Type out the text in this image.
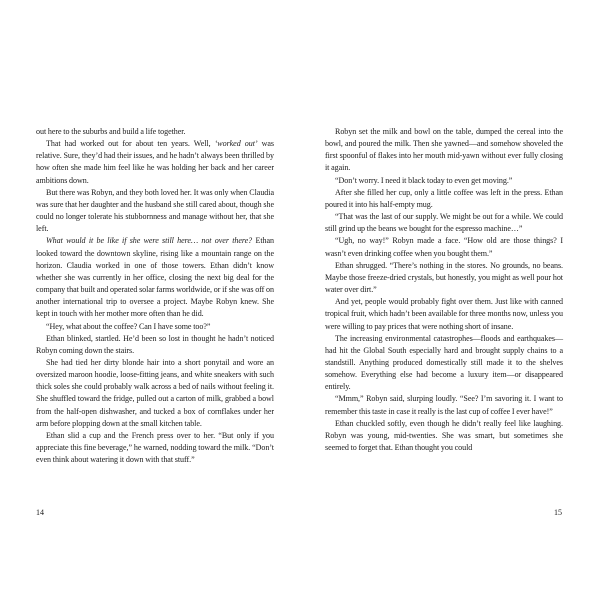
out here to the suburbs and build a life together.

That had worked out for about ten years. Well, ‘worked out’ was relative. Sure, they’d had their issues, and he hadn’t always been thrilled by how often she made him feel like he was holding her back and her career ambitions down.

But there was Robyn, and they both loved her. It was only when Claudia was sure that her daughter and the husband she still cared about, though she could no longer tolerate his stubbornness and manage without her, that she left.

What would it be like if she were still here… not over there? Ethan looked toward the downtown skyline, rising like a mountain range on the horizon. Claudia worked in one of those towers. Ethan didn’t know whether she was currently in her office, closing the next big deal for the company that built and operated solar farms worldwide, or if she was off on another international trip to oversee a project. Maybe Robyn knew. She kept in touch with her mother more often than he did.

“Hey, what about the coffee? Can I have some too?”

Ethan blinked, startled. He’d been so lost in thought he hadn’t noticed Robyn coming down the stairs.

She had tied her dirty blonde hair into a short ponytail and wore an oversized maroon hoodie, loose-fitting jeans, and white sneakers with such thick soles she could probably walk across a bed of nails without feeling it. She shuffled toward the fridge, pulled out a carton of milk, grabbed a bowl from the half-open dishwasher, and tucked a box of cornflakes under her arm before plopping down at the small kitchen table.

Ethan slid a cup and the French press over to her. “But only if you appreciate this fine beverage,” he warned, nodding toward the milk. “Don’t even think about watering it down with that stuff.”

14

Robyn set the milk and bowl on the table, dumped the cereal into the bowl, and poured the milk. Then she yawned—and somehow shoveled the first spoonful of flakes into her mouth mid-yawn without ever fully closing it again.

“Don’t worry. I need it black today to even get moving.”

After she filled her cup, only a little coffee was left in the press. Ethan poured it into his half-empty mug.

“That was the last of our supply. We might be out for a while. We could still grind up the beans we bought for the espresso machine…”

“Ugh, no way!” Robyn made a face. “How old are those things? I wasn’t even drinking coffee when you bought them.”

Ethan shrugged. “There’s nothing in the stores. No grounds, no beans. Maybe those freeze-dried crystals, but honestly, you might as well pour hot water over dirt.”

And yet, people would probably fight over them. Just like with canned tropical fruit, which hadn’t been available for three months now, unless you were willing to pay prices that were nothing short of insane.

The increasing environmental catastrophes—floods and earthquakes—had hit the Global South especially hard and brought supply chains to a standstill. Anything produced domestically still made it to the shelves somehow. Everything else had become a luxury item—or disappeared entirely.

“Mmm,” Robyn said, slurping loudly. “See? I’m savoring it. I want to remember this taste in case it really is the last cup of coffee I ever have!”

Ethan chuckled softly, even though he didn’t really feel like laughing. Robyn was young, mid-twenties. She was smart, but sometimes she seemed to forget that. Ethan thought you could

15
